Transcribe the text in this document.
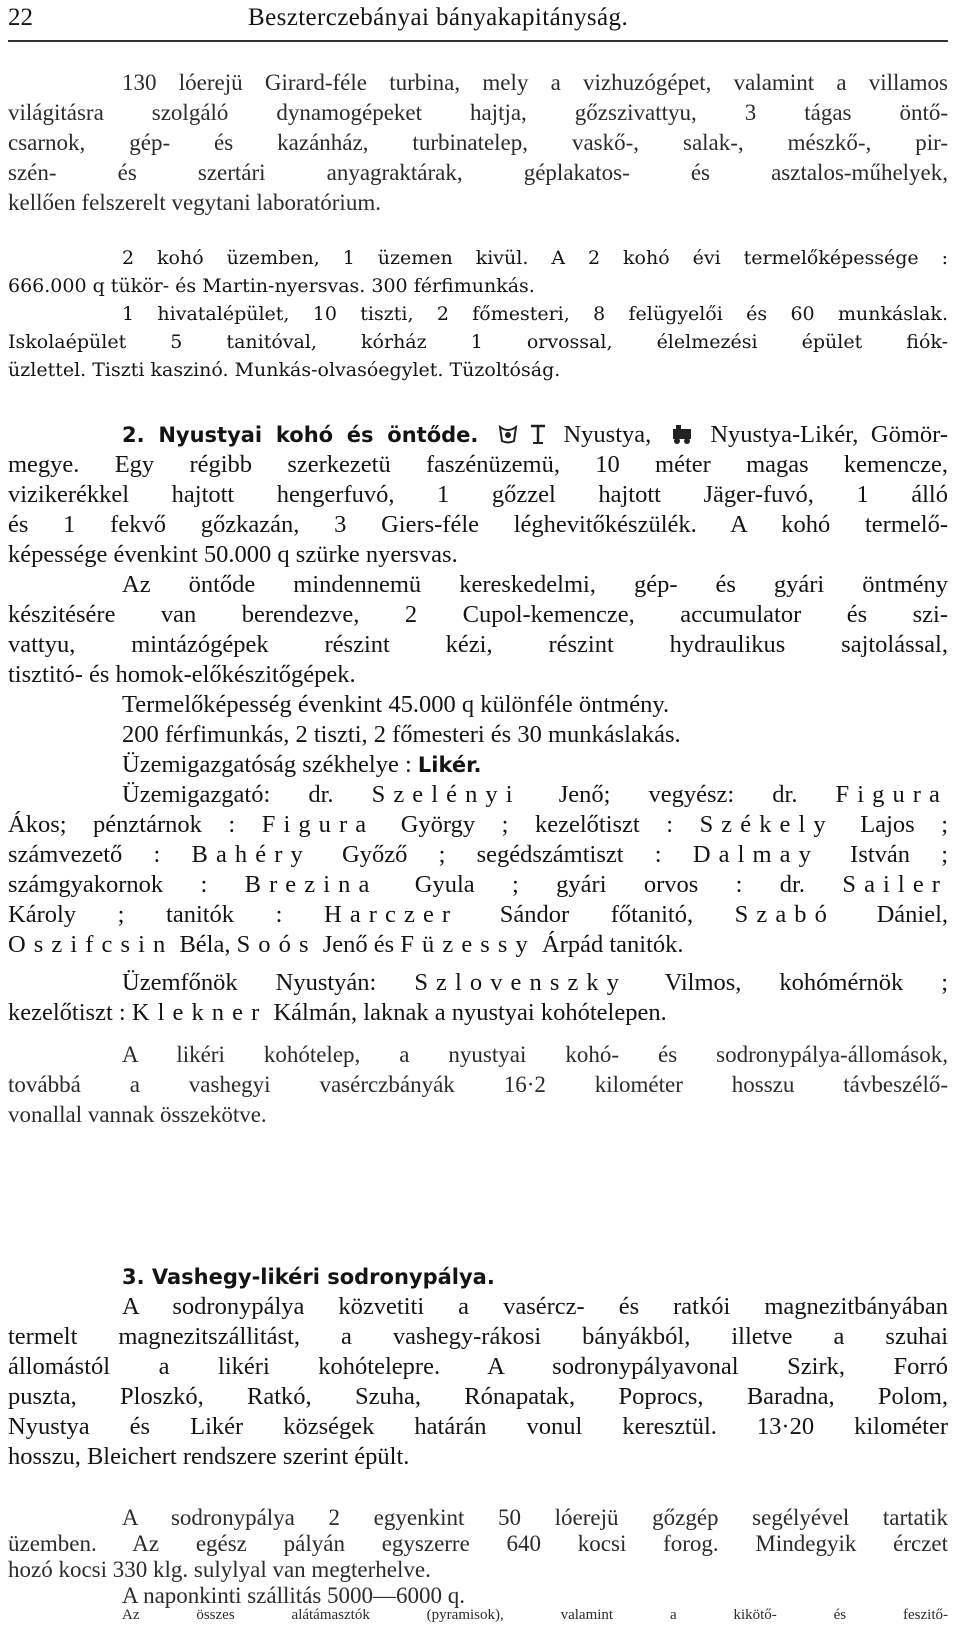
22	Beszterczebányai bányakapitányság.
130 lóerejü Girard-féle turbina, mely a vizhuzógépet, valamint a villamos
világitásra szolgáló dynamogépeket hajtja, gőzszivattyu, 3 tágas öntő-
csarnok, gép- és kazánház, turbinatelep, vaskő-, salak-, mészkő-, pir-
szén- és szertári anyagraktárak, géplakatos- és asztalos-műhelyek,
kellően felszerelt vegytani laboratórium.
2 kohó üzemben, 1 üzemen kivül. A 2 kohó évi termelőképessége :
666.000 q tükör- és Martin-nyersvas. 300 férfimunkás.
1 hivatalépület, 10 tiszti, 2 főmesteri, 8 felügyelői és 60 munkáslak.
Iskolaépület 5 tanitóval, kórház 1 orvossal, élelmezési épület fiók-
üzlettel. Tiszti kaszinó. Munkás-olvasóegylet. Tüzoltóság.
2. Nyustyai kohó és öntőde.	Nyustya, Nyustya-Likér, Gömör-
megye. Egy régibb szerkezetü faszénüzemü, 10 méter magas kemencze,
vizikerékkel hajtott hengerfuvó, 1 gőzzel hajtott Jäger-fuvó, 1 álló
és 1 fekvő gőzkazán, 3 Giers-féle léghevitőkészülék. A kohó termelő-
képessége évenkint 50.000 q szürke nyersvas.
Az öntőde mindennemü kereskedelmi, gép- és gyári öntmény
készitésére van berendezve, 2 Cupol-kemencze, accumulator és szi-
vattyu, mintázógépek részint kézi, részint hydraulikus sajtolással,
tisztitó- és homok-előkészitőgépek.
Termelőképesség évenkint 45.000 q különféle öntmény.
200 férfimunkás, 2 tiszti, 2 főmesteri és 30 munkáslakás.
Üzemigazgatóság székhelye : Likér.
Üzemigazgató: dr. Szelényi Jenő; vegyész: dr. Figura
Ákos; pénztárnok : Figura György ; kezelőtiszt : Székely Lajos ;
számvezető : Bahéry Győző ; segédszámtiszt : Dalmay István ;
számgyakornok : Brezina Gyula ; gyári orvos : dr. Sailer
Károly ; tanitók : Harczer Sándor főtanitó, Szabó Dániel,
Oszifcsin Béla, Soós Jenő és Füzessy Árpád tanitók.
Üzemfőnök Nyustyán: Szlovenszky Vilmos, kohómérnök ;
kezelőtiszt : Klekner Kálmán, laknak a nyustyai kohótelepen.
A likéri kohótelep, a nyustyai kohó- és sodronypálya-állomások,
továbbá a vashegyi vasérczbányák 16·2 kilométer hosszu távbeszélő-
vonallal vannak összekötve.
3. Vashegy-likéri sodronypálya.
A sodronypálya közvetiti a vasércz- és ratkói magnezitbányában
termelt magnezitszállitást, a vashegy-rákosi bányákból, illetve a szuhai
állomástól a likéri kohótelepre. A sodronypályavonal Szirk, Forró
puszta, Ploszkó, Ratkó, Szuha, Rónapatak, Poprocs, Baradna, Polom,
Nyustya és Likér községek határán vonul keresztül. 13·20 kilométer
hosszu, Bleichert rendszere szerint épült.
A sodronypálya 2 egyenkint 50 lóerejü gőzgép segélyével tartatik
üzemben. Az egész pályán egyszerre 640 kocsi forog. Mindegyik érczet
hozó kocsi 330 klg. sulylyal van megterhelve.
A naponkinti szállitás 5000—6000 q.
Az összes alátámasztók (pyramisok), valamint a kikötő- és feszitő-
